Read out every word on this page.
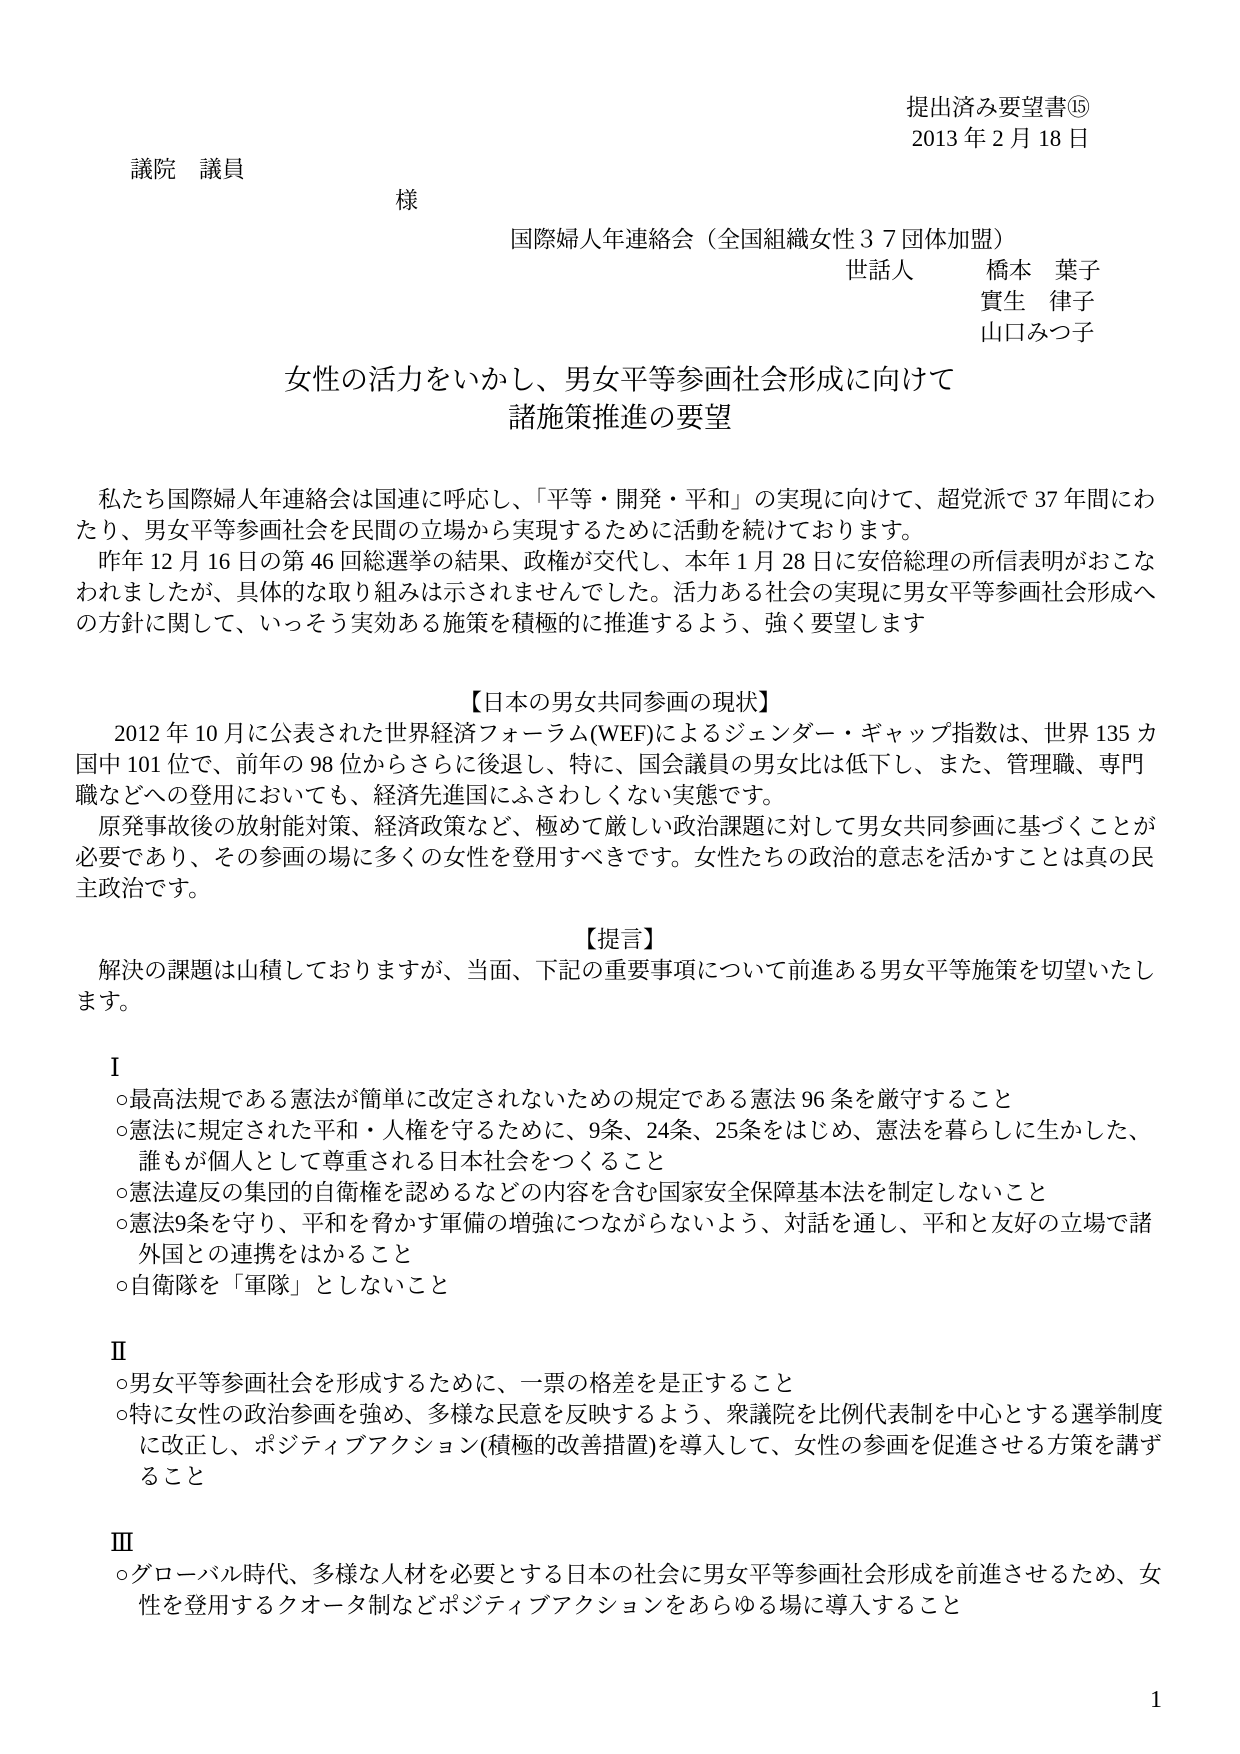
提出済み要望書⑮
2013 年 2 月 18 日
議院　議員
様
国際婦人年連絡会（全国組織女性３７団体加盟）
世話人	橋本　葉子
實生　律子
山口みつ子
女性の活力をいかし、男女平等参画社会形成に向けて
諸施策推進の要望

私たち国際婦人年連絡会は国連に呼応し、「平等・開発・平和」の実現に向けて、超党派で 37 年間にわたり、男女平等参画社会を民間の立場から実現するために活動を続けております。

昨年 12 月 16 日の第 46 回総選挙の結果、政権が交代し、本年 1 月 28 日に安倍総理の所信表明がおこなわれましたが、具体的な取り組みは示されませんでした。活力ある社会の実現に男女平等参画社会形成への方針に関して、いっそう実効ある施策を積極的に推進するよう、強く要望します

【日本の男女共同参画の現状】

2012 年 10 月に公表された世界経済フォーラム(WEF)によるジェンダー・ギャップ指数は、世界 135 カ国中 101 位で、前年の 98 位からさらに後退し、特に、国会議員の男女比は低下し、また、管理職、専門職などへの登用においても、経済先進国にふさわしくない実態です。

原発事故後の放射能対策、経済政策など、極めて厳しい政治課題に対して男女共同参画に基づくことが必要であり、その参画の場に多くの女性を登用すべきです。女性たちの政治的意志を活かすことは真の民主政治です。

【提言】

解決の課題は山積しておりますが、当面、下記の重要事項について前進ある男女平等施策を切望いたします。

Ⅰ

○最高法規である憲法が簡単に改定されないための規定である憲法 96 条を厳守すること

○憲法に規定された平和・人権を守るために、9条、24条、25条をはじめ、憲法を暮らしに生かした、誰もが個人として尊重される日本社会をつくること

○憲法違反の集団的自衛権を認めるなどの内容を含む国家安全保障基本法を制定しないこと

○憲法9条を守り、平和を脅かす軍備の増強につながらないよう、対話を通し、平和と友好の立場で諸外国との連携をはかること

○自衛隊を「軍隊」としないこと

Ⅱ

○男女平等参画社会を形成するために、一票の格差を是正すること

○特に女性の政治参画を強め、多様な民意を反映するよう、衆議院を比例代表制を中心とする選挙制度に改正し、ポジティブアクション(積極的改善措置)を導入して、女性の参画を促進させる方策を講ずること

Ⅲ

○グローバル時代、多様な人材を必要とする日本の社会に男女平等参画社会形成を前進させるため、女性を登用するクオータ制などポジティブアクションをあらゆる場に導入すること

1
